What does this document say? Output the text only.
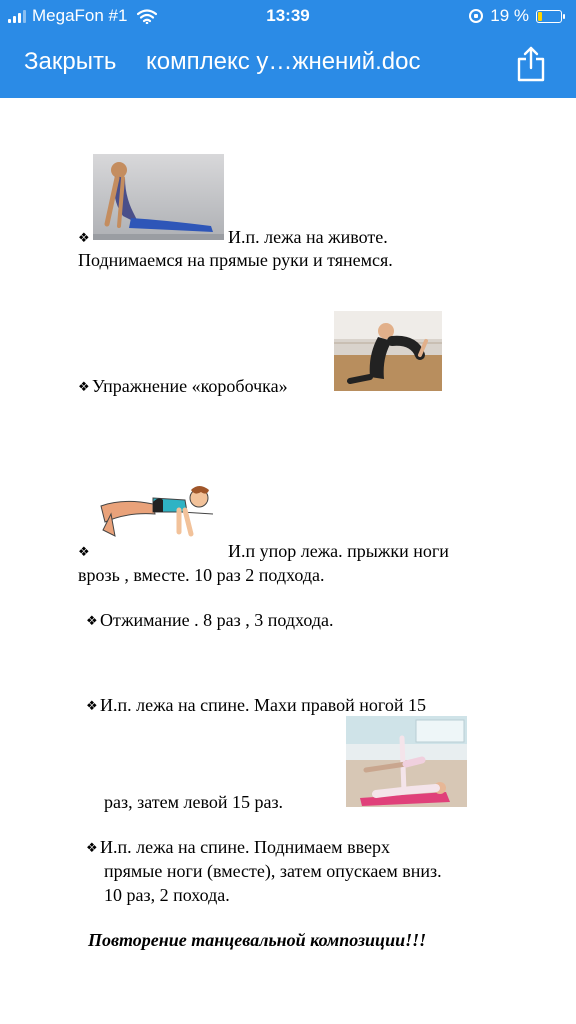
MegaFon #1	13:39	19 %
Закрыть комплекс у…жнений.doc

❖	И.п. лежа на животе.

Поднимаемся на прямые руки и тянемся.

❖ Упражнение «коробочка»

❖	И.п упор лежа. прыжки ноги

врозь , вместе. 10 раз 2 подхода.

❖ Отжимание . 8 раз , 3 подхода.

❖ И.п. лежа на спине. Махи правой ногой 15

раз, затем левой 15 раз.

❖ И.п. лежа на спине. Поднимаем вверх

прямые ноги (вместе), затем опускаем вниз.

10 раз, 2 похода.

Повторение танцевальной композиции!!!
